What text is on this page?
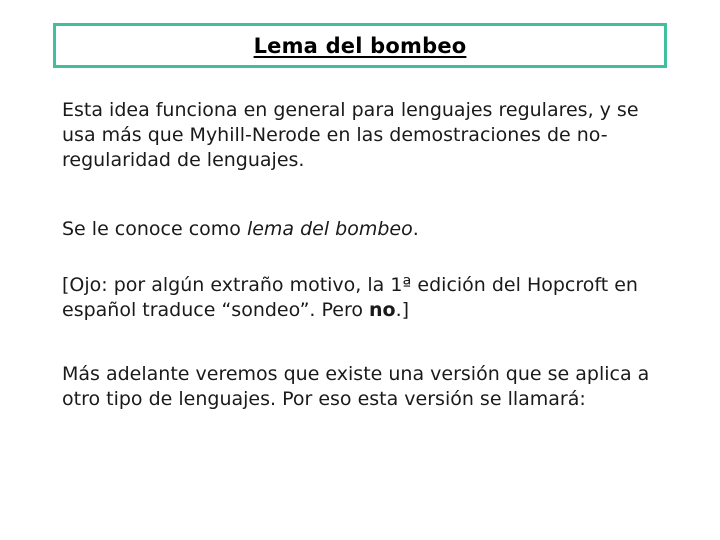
Lema del bombeo

Esta idea funciona en general para lenguajes regulares, y se usa más que Myhill-Nerode en las demostraciones de no-regularidad de lenguajes.

Se le conoce como lema del bombeo.

[Ojo: por algún extraño motivo, la 1ª edición del Hopcroft en español traduce “sondeo”. Pero no.]

Más adelante veremos que existe una versión que se aplica a otro tipo de lenguajes. Por eso esta versión se llamará:
